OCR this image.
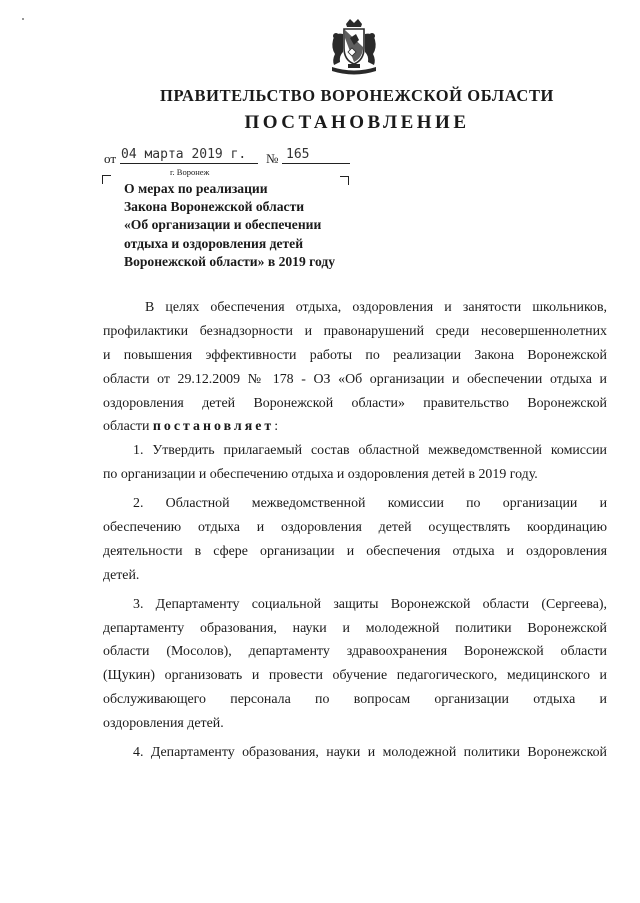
ПРАВИТЕЛЬСТВО ВОРОНЕЖСКОЙ ОБЛАСТИ
ПОСТАНОВЛЕНИЕ
от 04 марта 2019 г. № 165
г. Воронеж
О мерах по реализации
Закона Воронежской области
«Об организации и обеспечении
отдыха и оздоровления детей
Воронежской области» в 2019 году
В целях обеспечения отдыха, оздоровления и занятости школьников,
профилактики безнадзорности и правонарушений среди несовершеннолетних
и повышения эффективности работы по реализации Закона Воронежской
области от 29.12.2009 № 178 - ОЗ «Об организации и обеспечении отдыха и
оздоровления детей Воронежской области» правительство Воронежской
области постановляет:
1. Утвердить прилагаемый состав областной межведомственной комиссии
по организации и обеспечению отдыха и оздоровления детей в 2019 году.
2. Областной межведомственной комиссии по организации и
обеспечению отдыха и оздоровления детей осуществлять координацию
деятельности в сфере организации и обеспечения отдыха и оздоровления
детей.
3. Департаменту социальной защиты Воронежской области (Сергеева),
департаменту образования, науки и молодежной политики Воронежской
области (Мосолов), департаменту здравоохранения Воронежской области
(Щукин) организовать и провести обучение педагогического, медицинского и
обслуживающего персонала по вопросам организации отдыха и
оздоровления детей.
4. Департаменту образования, науки и молодежной политики Воронежской
